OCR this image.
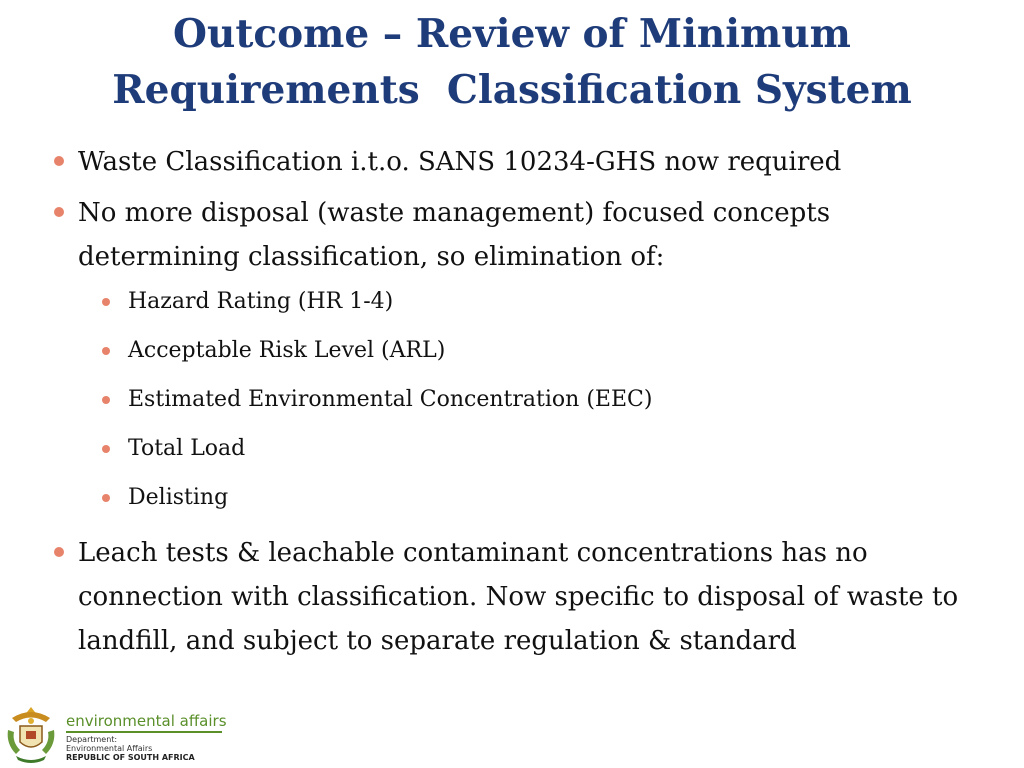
Outcome – Review of Minimum
Requirements  Classification System
Waste Classification i.t.o. SANS 10234-GHS now required
No more disposal (waste management) focused concepts determining classification, so elimination of:
Hazard Rating (HR 1-4)
Acceptable Risk Level (ARL)
Estimated Environmental Concentration (EEC)
Total Load
Delisting
Leach tests & leachable contaminant concentrations has no connection with classification. Now specific to disposal of waste to landfill, and subject to separate regulation & standard
environmental affairs
Department:
Environmental Affairs
REPUBLIC OF SOUTH AFRICA
